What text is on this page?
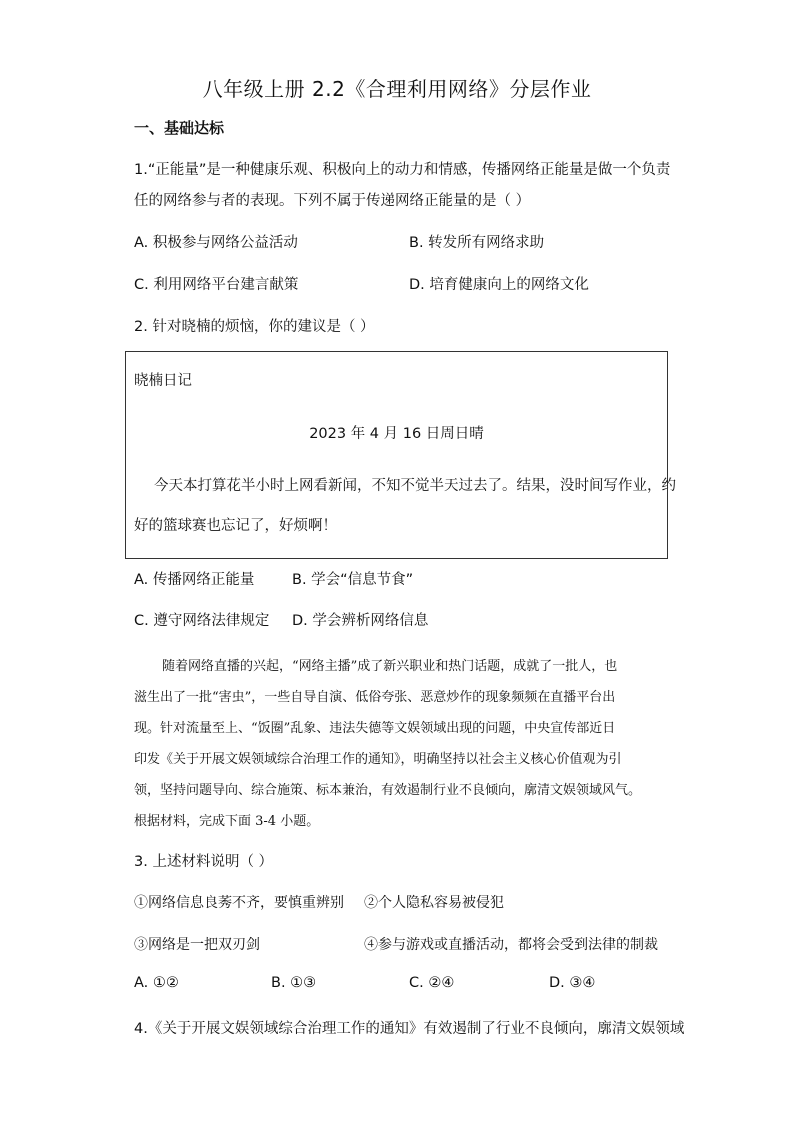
八年级上册 2.2《合理利用网络》分层作业
一、基础达标
1.“正能量”是一种健康乐观、积极向上的动力和情感，传播网络正能量是做一个负责
任的网络参与者的表现。下列不属于传递网络正能量的是（ ）
A. 积极参与网络公益活动	B. 转发所有网络求助
C. 利用网络平台建言献策	D. 培育健康向上的网络文化
2. 针对晓楠的烦恼，你的建议是（ ）
晓楠日记
2023 年 4 月 16 日周日晴
今天本打算花半小时上网看新闻，不知不觉半天过去了。结果，没时间写作业，约
好的篮球赛也忘记了，好烦啊！
A. 传播网络正能量	B. 学会“信息节食”
C. 遵守网络法律规定 D. 学会辨析网络信息
随着网络直播的兴起，“网络主播”成了新兴职业和热门话题，成就了一批人，也
滋生出了一批“害虫”，一些自导自演、低俗夸张、恶意炒作的现象频频在直播平台出
现。针对流量至上、“饭圈”乱象、违法失德等文娱领域出现的问题，中央宣传部近日
印发《关于开展文娱领域综合治理工作的通知》，明确坚持以社会主义核心价值观为引
领，坚持问题导向、综合施策、标本兼治，有效遏制行业不良倾向，廓清文娱领域风气。
根据材料，完成下面 3-4 小题。
3. 上述材料说明（ ）
①网络信息良莠不齐，要慎重辨别 ②个人隐私容易被侵犯
③网络是一把双刃剑	④参与游戏或直播活动，都将会受到法律的制裁
A. ①②	B. ①③	C. ②④	D. ③④
4.《关于开展文娱领域综合治理工作的通知》有效遏制了行业不良倾向，廓清文娱领域
